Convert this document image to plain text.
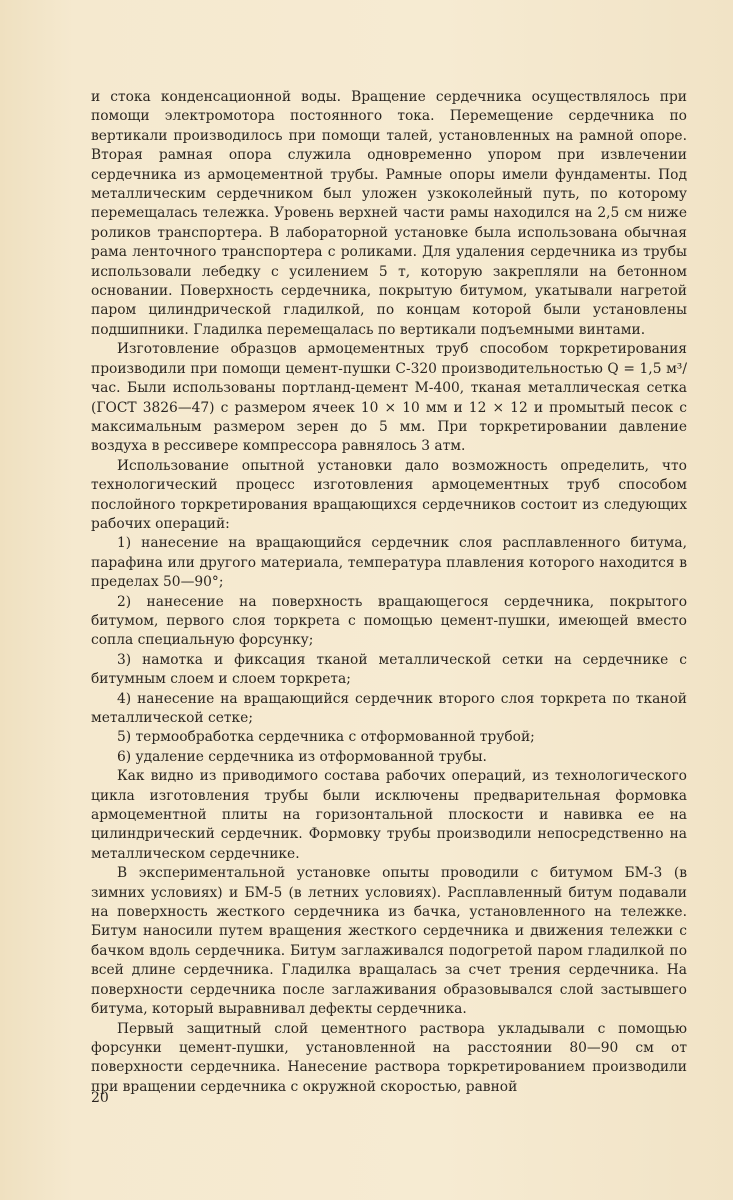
и стока конденсационной воды. Вращение сердечника осуществлялось при помощи электромотора постоянного тока. Перемещение сердечника по вертикали производилось при помощи талей, установленных на рамной опоре. Вторая рамная опора служила одновременно упором при извлечении сердечника из армоцементной трубы. Рамные опоры имели фундаменты. Под металлическим сердечником был уложен узкоколейный путь, по которому перемещалась тележка. Уровень верхней части рамы находился на 2,5 см ниже роликов транспортера. В лабораторной установке была использована обычная рама ленточного транспортера с роликами. Для удаления сердечника из трубы использовали лебедку с усилением 5 т, которую закрепляли на бетонном основании. Поверхность сердечника, покрытую битумом, укатывали нагретой паром цилиндрической гладилкой, по концам которой были установлены подшипники. Гладилка перемещалась по вертикали подъемными винтами.

Изготовление образцов армоцементных труб способом торкретирования производили при помощи цемент-пушки С-320 производительностью Q = 1,5 м³/час. Были использованы портланд-цемент М-400, тканая металлическая сетка (ГОСТ 3826—47) с размером ячеек 10 × 10 мм и 12 × 12 и промытый песок с максимальным размером зерен до 5 мм. При торкретировании давление воздуха в рессивере компрессора равнялось 3 атм.

Использование опытной установки дало возможность определить, что технологический процесс изготовления армоцементных труб способом послойного торкретирования вращающихся сердечников состоит из следующих рабочих операций:

1) нанесение на вращающийся сердечник слоя расплавленного битума, парафина или другого материала, температура плавления которого находится в пределах 50—90°;

2) нанесение на поверхность вращающегося сердечника, покрытого битумом, первого слоя торкрета с помощью цемент-пушки, имеющей вместо сопла специальную форсунку;

3) намотка и фиксация тканой металлической сетки на сердечнике с битумным слоем и слоем торкрета;

4) нанесение на вращающийся сердечник второго слоя торкрета по тканой металлической сетке;

5) термообработка сердечника с отформованной трубой;

6) удаление сердечника из отформованной трубы.

Как видно из приводимого состава рабочих операций, из технологического цикла изготовления трубы были исключены предварительная формовка армоцементной плиты на горизонтальной плоскости и навивка ее на цилиндрический сердечник. Формовку трубы производили непосредственно на металлическом сердечнике.

В экспериментальной установке опыты проводили с битумом БМ-3 (в зимних условиях) и БМ-5 (в летних условиях). Расплавленный битум подавали на поверхность жесткого сердечника из бачка, установленного на тележке. Битум наносили путем вращения жесткого сердечника и движения тележки с бачком вдоль сердечника. Битум заглаживался подогретой паром гладилкой по всей длине сердечника. Гладилка вращалась за счет трения сердечника. На поверхности сердечника после заглаживания образовывался слой застывшего битума, который выравнивал дефекты сердечника.

Первый защитный слой цементного раствора укладывали с помощью форсунки цемент-пушки, установленной на расстоянии 80—90 см от поверхности сердечника. Нанесение раствора торкретированием производили при вращении сердечника с окружной скоростью, равной

20
